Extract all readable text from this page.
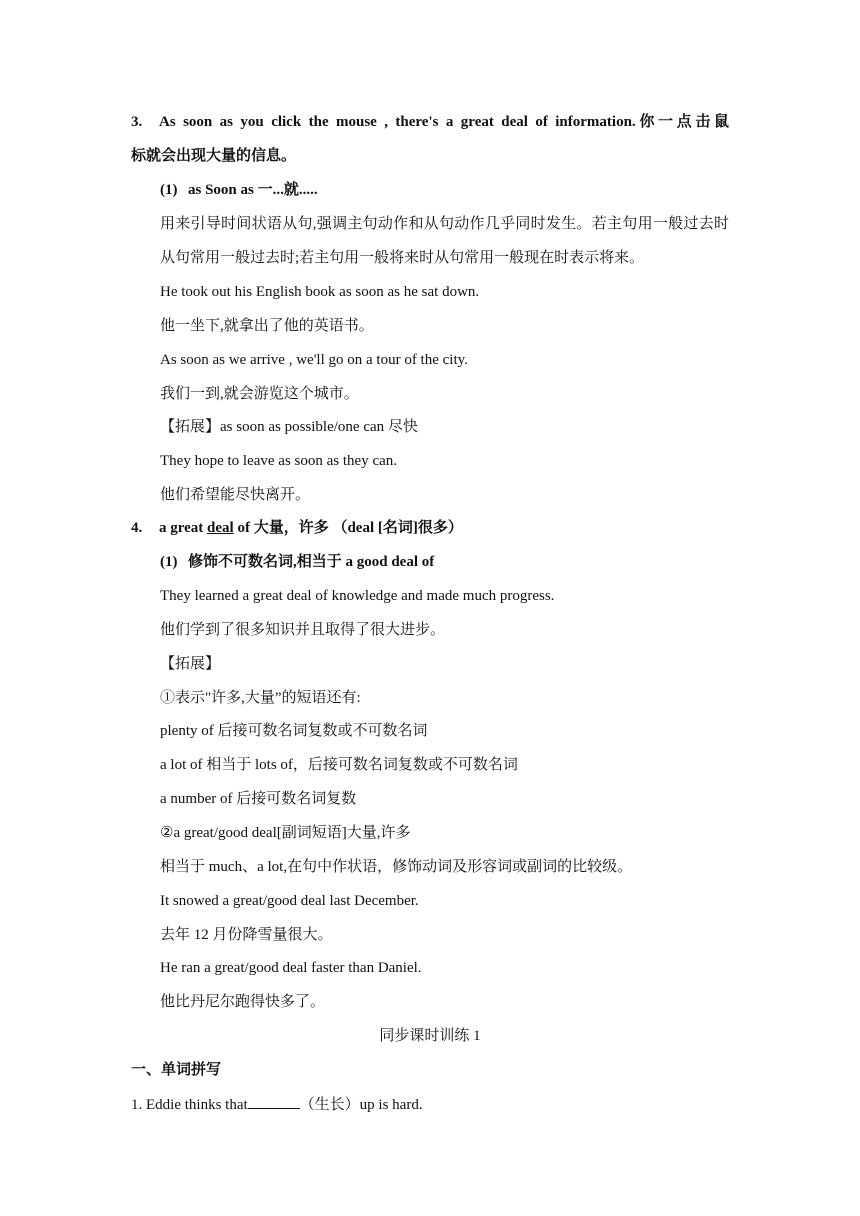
3. As soon as you click the mouse , there's a great deal of information.你一点击鼠
标就会出现大量的信息。
(1) as Soon as 一...就.....
用来引导时间状语从句,强调主句动作和从句动作几乎同时发生。若主句用一般过去时
从句常用一般过去时;若主句用一般将来时从句常用一般现在时表示将来。
He took out his English book as soon as he sat down.
他一坐下,就拿出了他的英语书。
As soon as we arrive , we'll go on a tour of the city.
我们一到,就会游览这个城市。
【拓展】as soon as possible/one can 尽快
They hope to leave as soon as they can.
他们希望能尽快离开。
4. a great deal of 大量，许多 （deal [名词]很多）
(1) 修饰不可数名词,相当于 a good deal of
They learned a great deal of knowledge and made much progress.
他们学到了很多知识并且取得了很大进步。
【拓展】
①表示"许多,大量”的短语还有:
plenty of 后接可数名词复数或不可数名词
a lot of 相当于 lots of，后接可数名词复数或不可数名词
a number of 后接可数名词复数
②a great/good deal[副词短语]大量,许多
相当于 much、a lot,在句中作状语，修饰动词及形容词或副词的比较级。
It snowed a great/good deal last December.
去年 12 月份降雪量很大。
He ran a great/good deal faster than Daniel.
他比丹尼尔跑得快多了。
同步课时训练 1
一、单词拼写
1. Eddie thinks that	（生长）up is hard.
